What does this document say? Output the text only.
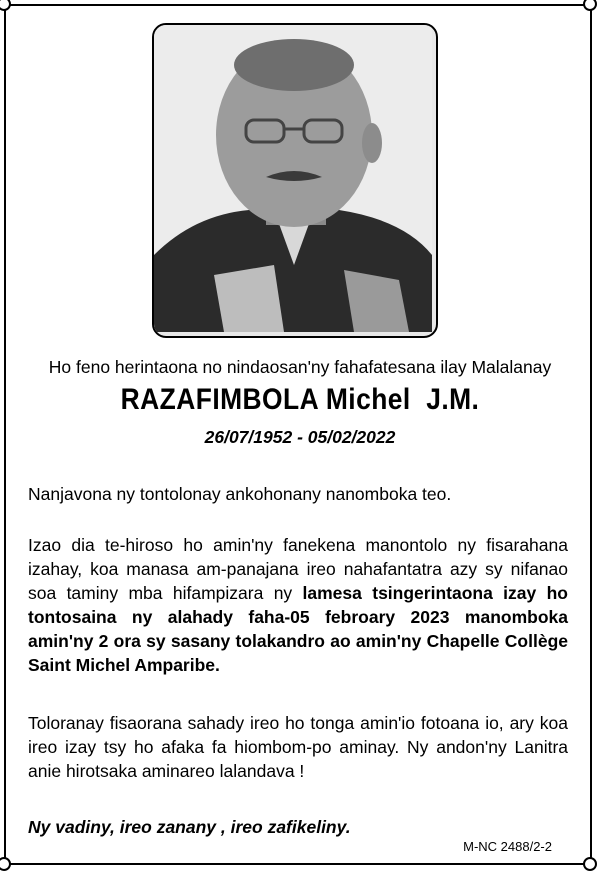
Ho feno herintaona no nindaosan'ny fahafatesana ilay Malalanay
RAZAFIMBOLA Michel  J.M.
26/07/1952 - 05/02/2022
Nanjavona ny tontolonay ankohonany nanomboka teo.
Izao dia te-hiroso ho amin'ny fanekena manontolo ny fisarahana izahay, koa manasa am-panajana ireo nahafantatra azy sy nifanao soa taminy mba hifampizara ny lamesa tsingerintaona izay ho tontosaina ny alahady faha-05 febroary 2023 manomboka amin'ny 2 ora sy sasany tolakandro ao amin'ny Chapelle Collège Saint Michel Amparibe.
Toloranay fisaorana sahady ireo ho tonga amin'io fotoana io, ary koa ireo izay tsy ho afaka fa hiombom-po aminay. Ny andon'ny Lanitra anie hirotsaka aminareo lalandava !
Ny vadiny, ireo zanany , ireo zafikeliny.
M-NC 2488/2-2
